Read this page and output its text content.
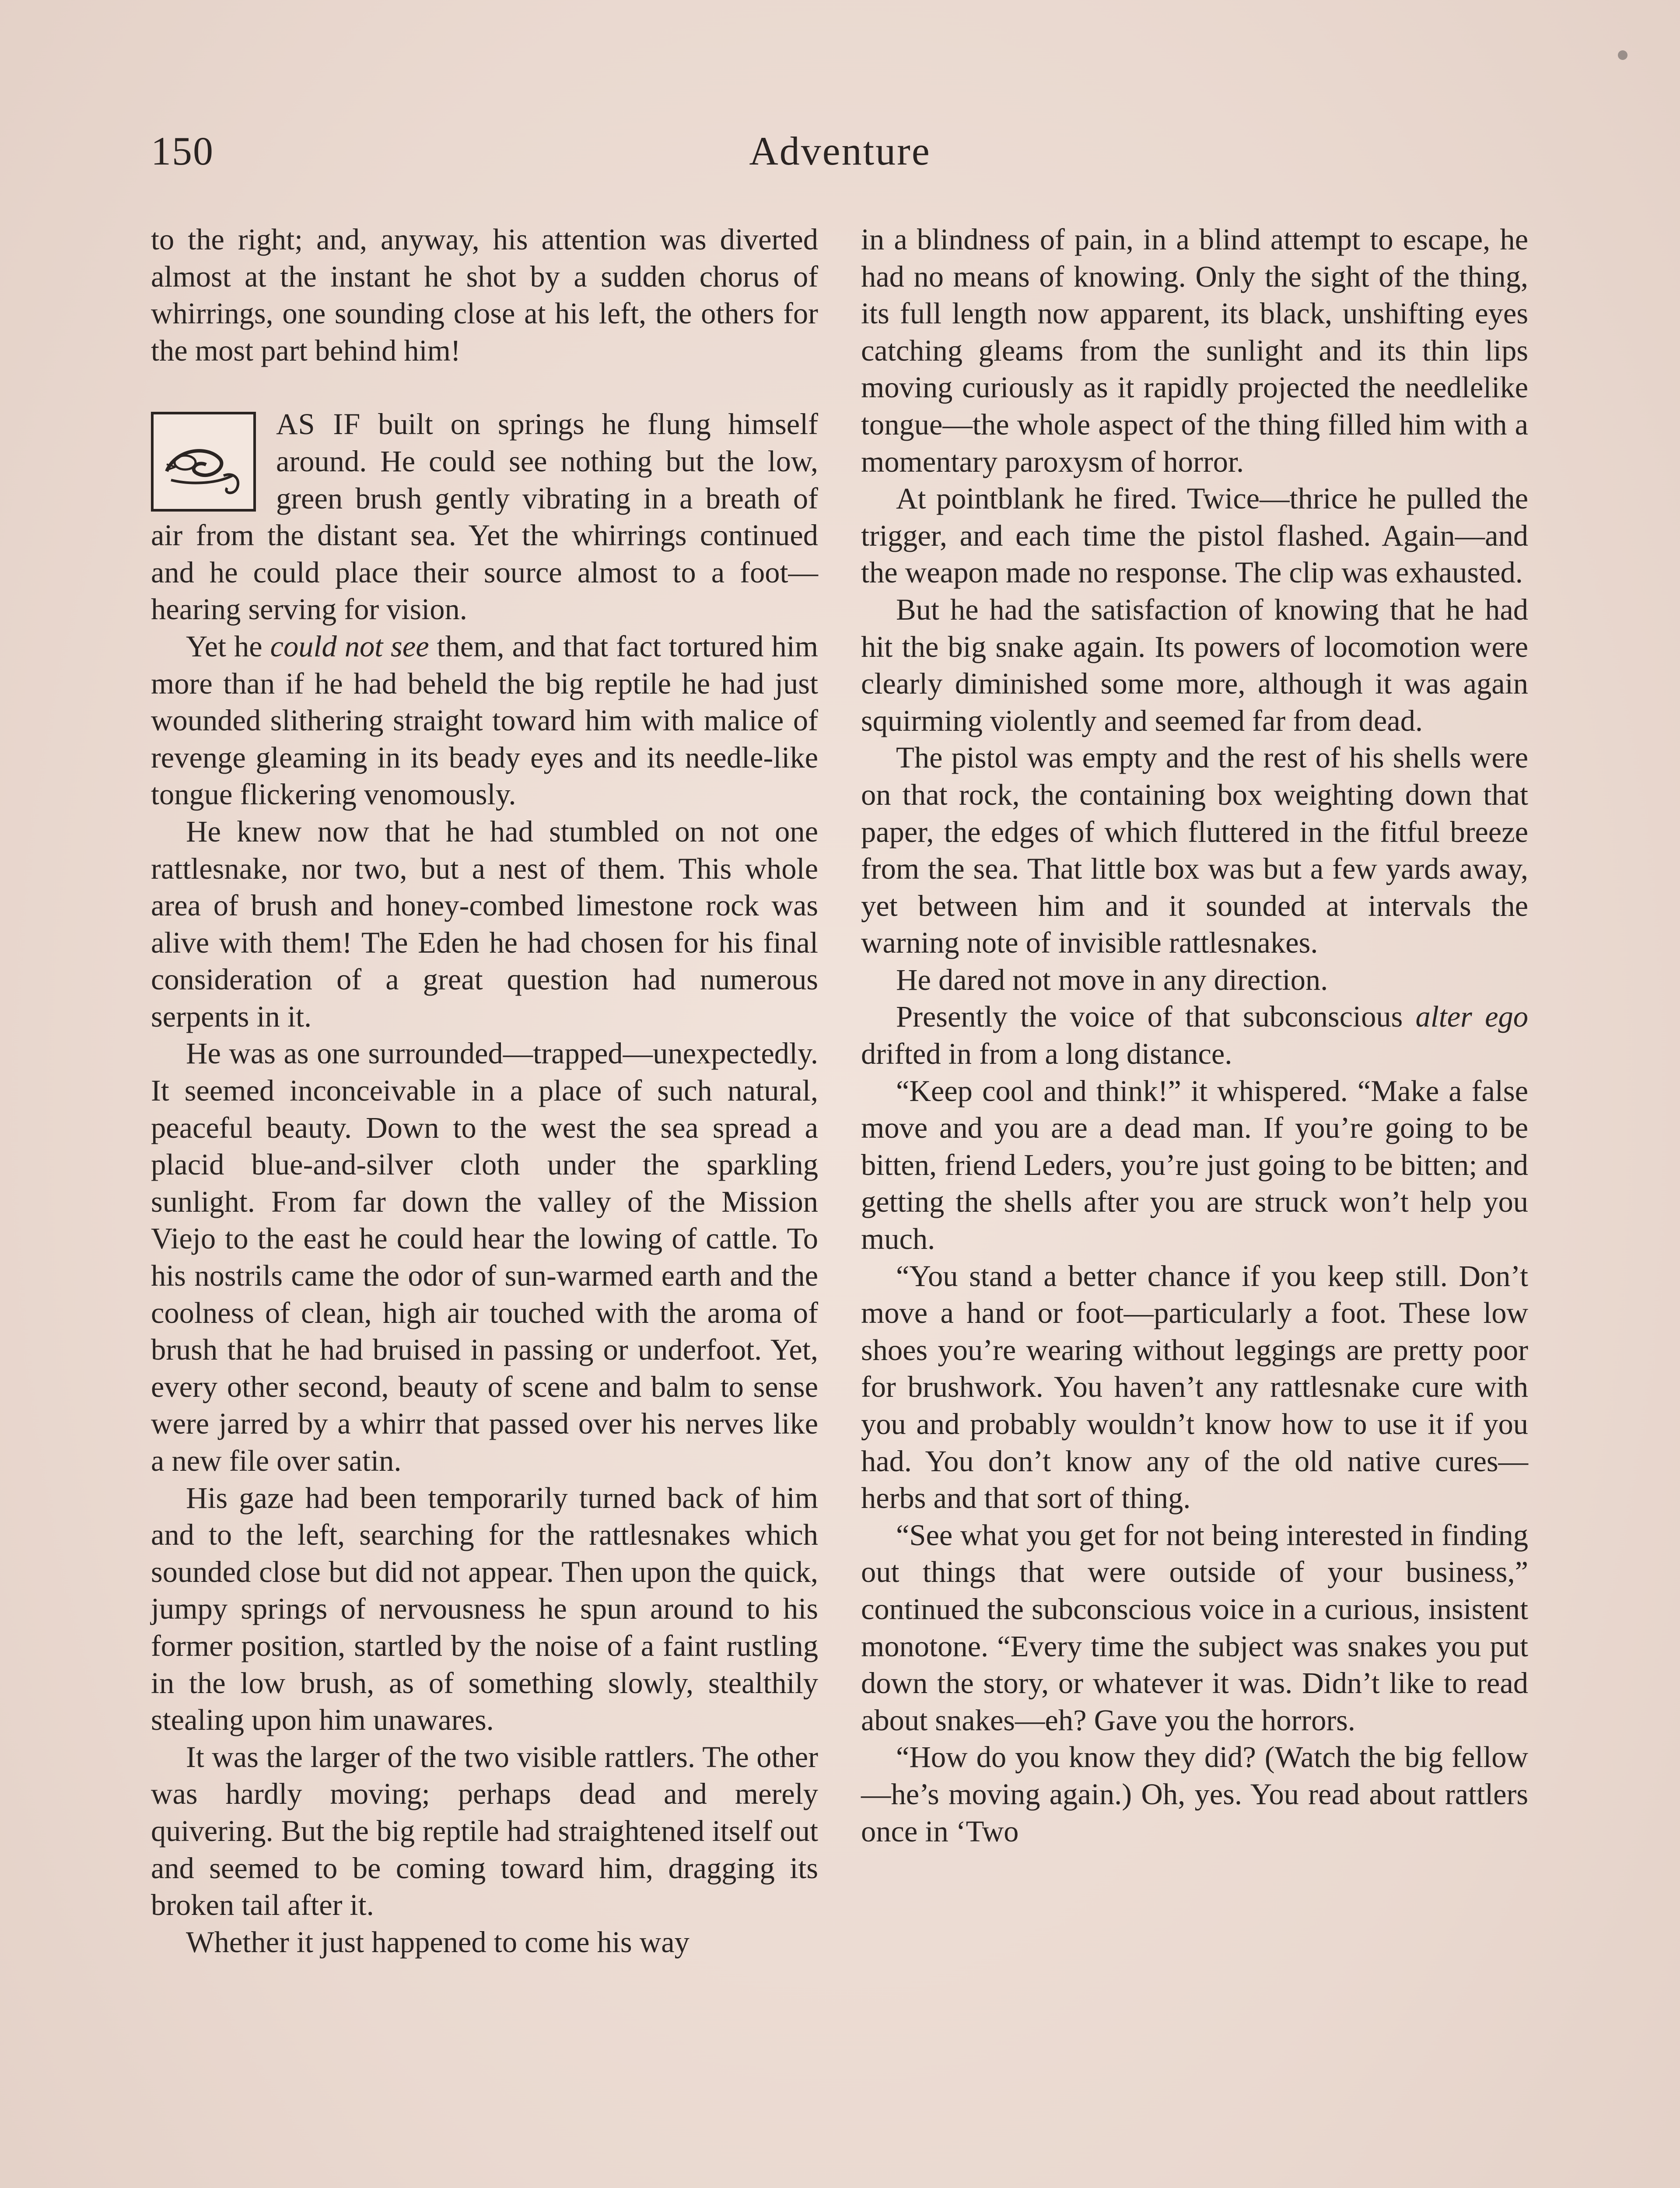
150	Adventure

to the right; and, anyway, his attention was diverted almost at the instant he shot by a sudden chorus of whirrings, one sounding close at his left, the others for the most part behind him!

AS IF built on springs he flung himself around. He could see nothing but the low, green brush gently vibrating in a breath of air from the distant sea. Yet the whirrings continued and he could place their source almost to a foot—hearing serving for vision.

Yet he could not see them, and that fact tortured him more than if he had beheld the big reptile he had just wounded slithering straight toward him with malice of revenge gleaming in its beady eyes and its needle-like tongue flickering venomously.

He knew now that he had stumbled on not one rattlesnake, nor two, but a nest of them. This whole area of brush and honey-combed limestone rock was alive with them! The Eden he had chosen for his final consideration of a great question had numerous serpents in it.

He was as one surrounded—trapped—unexpectedly. It seemed inconceivable in a place of such natural, peaceful beauty. Down to the west the sea spread a placid blue-and-silver cloth under the sparkling sunlight. From far down the valley of the Mission Viejo to the east he could hear the lowing of cattle. To his nostrils came the odor of sun-warmed earth and the coolness of clean, high air touched with the aroma of brush that he had bruised in passing or underfoot. Yet, every other second, beauty of scene and balm to sense were jarred by a whirr that passed over his nerves like a new file over satin.

His gaze had been temporarily turned back of him and to the left, searching for the rattlesnakes which sounded close but did not appear. Then upon the quick, jumpy springs of nervousness he spun around to his former position, startled by the noise of a faint rustling in the low brush, as of something slowly, stealthily stealing upon him unawares.

It was the larger of the two visible rattlers. The other was hardly moving; perhaps dead and merely quivering. But the big reptile had straightened itself out and seemed to be coming toward him, dragging its broken tail after it.

Whether it just happened to come his way

in a blindness of pain, in a blind attempt to escape, he had no means of knowing. Only the sight of the thing, its full length now apparent, its black, unshifting eyes catching gleams from the sunlight and its thin lips moving curiously as it rapidly projected the needlelike tongue—the whole aspect of the thing filled him with a momentary paroxysm of horror.

At pointblank he fired. Twice—thrice he pulled the trigger, and each time the pistol flashed. Again—and the weapon made no response. The clip was exhausted.

But he had the satisfaction of knowing that he had hit the big snake again. Its powers of locomotion were clearly diminished some more, although it was again squirming violently and seemed far from dead.

The pistol was empty and the rest of his shells were on that rock, the containing box weighting down that paper, the edges of which fluttered in the fitful breeze from the sea. That little box was but a few yards away, yet between him and it sounded at intervals the warning note of invisible rattlesnakes.

He dared not move in any direction.

Presently the voice of that subconscious alter ego drifted in from a long distance.

“Keep cool and think!” it whispered. “Make a false move and you are a dead man. If you’re going to be bitten, friend Leders, you’re just going to be bitten; and getting the shells after you are struck won’t help you much.

“You stand a better chance if you keep still. Don’t move a hand or foot—particularly a foot. These low shoes you’re wearing without leggings are pretty poor for brushwork. You haven’t any rattlesnake cure with you and probably wouldn’t know how to use it if you had. You don’t know any of the old native cures—herbs and that sort of thing.

“See what you get for not being interested in finding out things that were outside of your business,” continued the subconscious voice in a curious, insistent monotone. “Every time the subject was snakes you put down the story, or whatever it was. Didn’t like to read about snakes—eh? Gave you the horrors.

“How do you know they did? (Watch the big fellow—he’s moving again.) Oh, yes. You read about rattlers once in ‘Two
